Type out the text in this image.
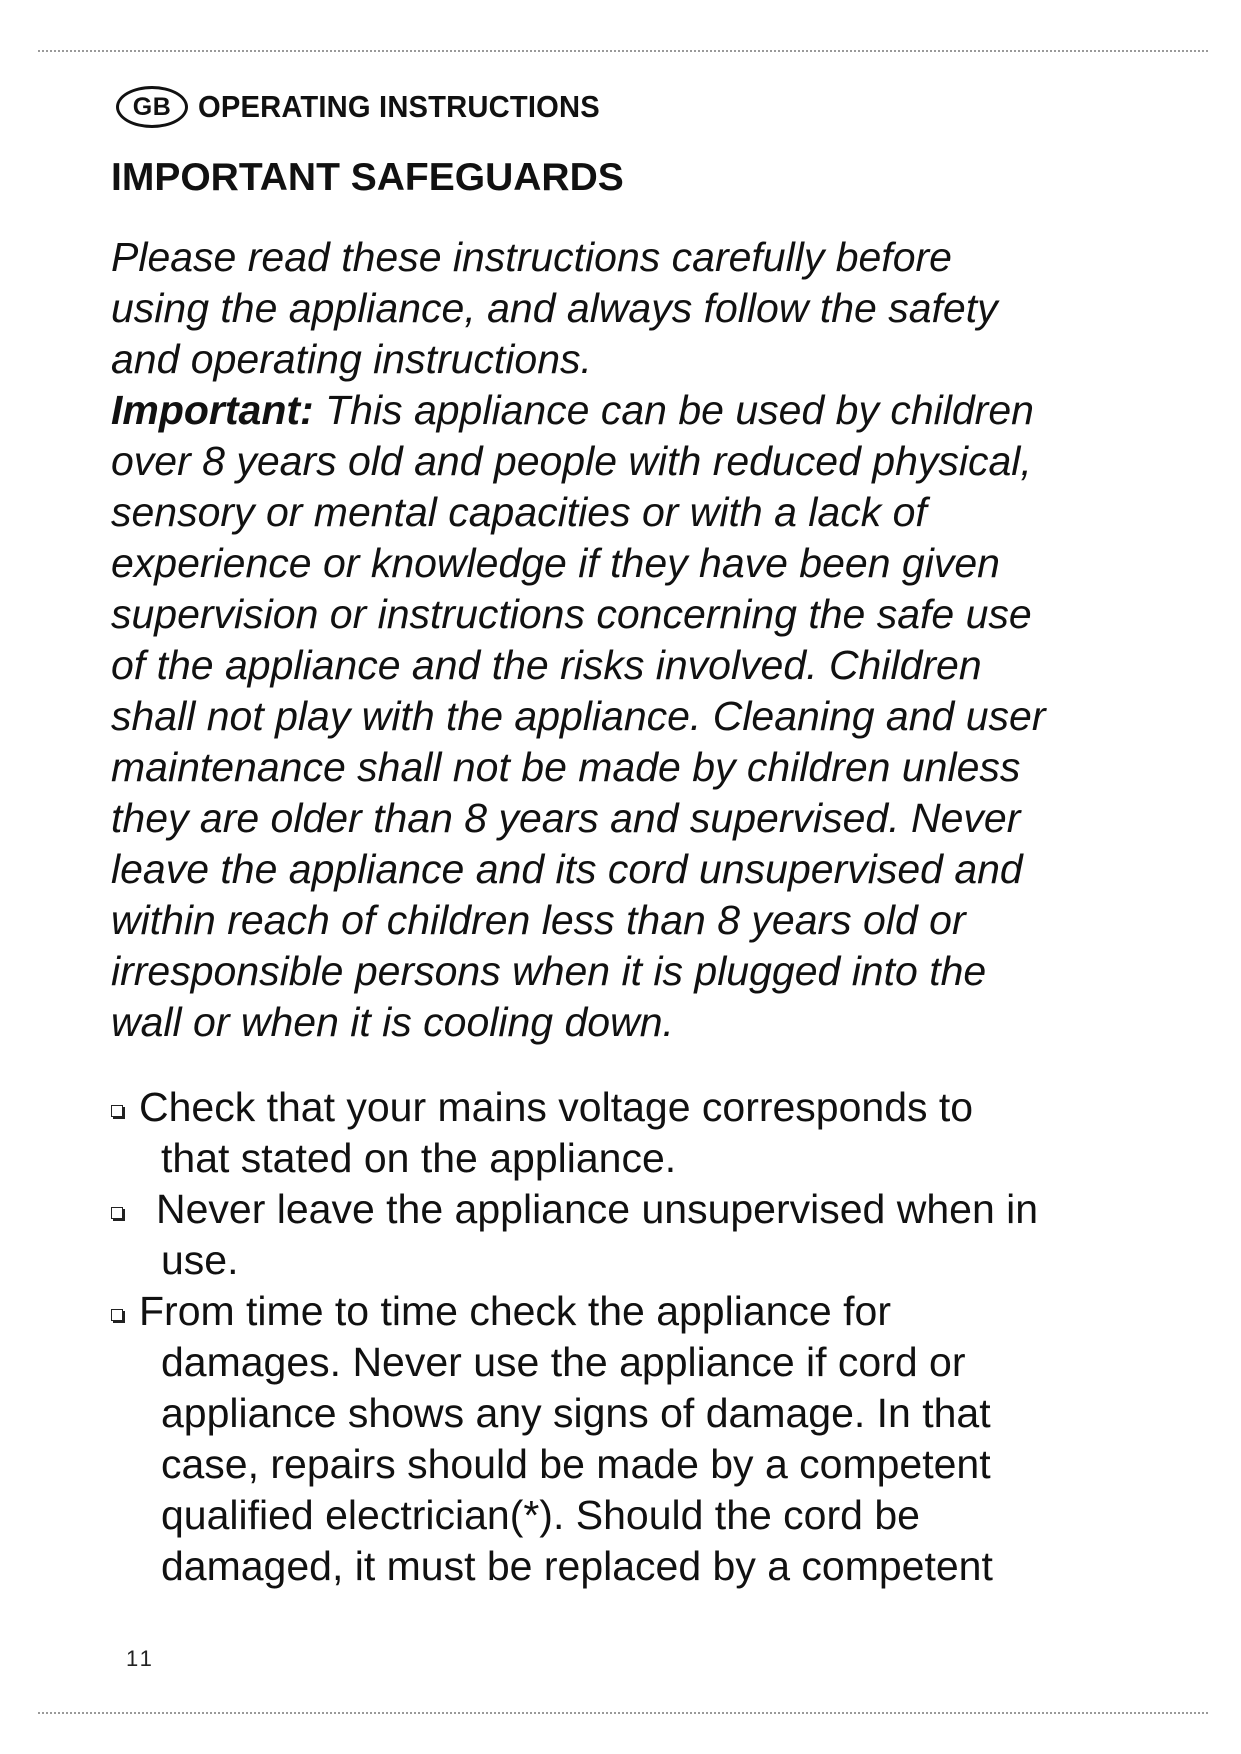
GB OPERATING INSTRUCTIONS
IMPORTANT SAFEGUARDS

Please read these instructions carefully before
using the appliance, and always follow the safety
and operating instructions.
Important: This appliance can be used by children
over 8 years old and people with reduced physical,
sensory or mental capacities or with a lack of
experience or knowledge if they have been given
supervision or instructions concerning the safe use
of the appliance and the risks involved. Children
shall not play with the appliance. Cleaning and user
maintenance shall not be made by children unless
they are older than 8 years and supervised. Never
leave the appliance and its cord unsupervised and
within reach of children less than 8 years old or
irresponsible persons when it is plugged into the
wall or when it is cooling down.

Check that your mains voltage corresponds to
that stated on the appliance.
Never leave the appliance unsupervised when in
use.
From time to time check the appliance for
damages. Never use the appliance if cord or
appliance shows any signs of damage. In that
case, repairs should be made by a competent
qualified electrician(*). Should the cord be
damaged, it must be replaced by a competent
11
